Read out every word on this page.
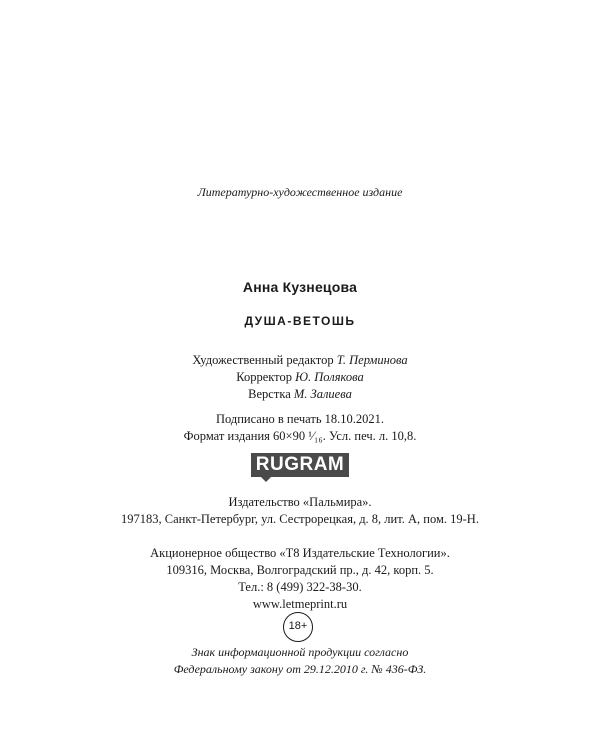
Литературно-художественное издание
Анна Кузнецова
ДУША-ВЕТОШЬ
Художественный редактор Т. Перминова
Корректор Ю. Полякова
Верстка М. Залиева
Подписано в печать 18.10.2021.
Формат издания 60×90 ¹⁄₁₆. Усл. печ. л. 10,8.
RUGRAM
Издательство «Пальмира».
197183, Санкт-Петербург, ул. Сестрорецкая, д. 8, лит. А, пом. 19-Н.
Акционерное общество «T8 Издательские Технологии».
109316, Москва, Волгоградский пр., д. 42, корп. 5.
Тел.: 8 (499) 322-38-30.
www.letmeprint.ru
18+
Знак информационной продукции согласно
Федеральному закону от 29.12.2010 г. № 436-ФЗ.
